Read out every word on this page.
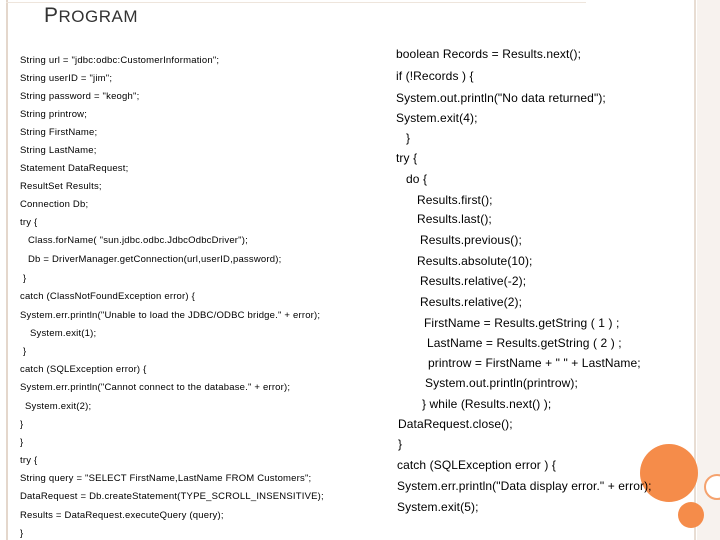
PROGRAM
String url = "jdbc:odbc:CustomerInformation";
String userID = "jim";
String password = "keogh";
String printrow;
String FirstName;
String LastName;
Statement DataRequest;
ResultSet Results;
Connection Db;
try {
Class.forName( "sun.jdbc.odbc.JdbcOdbcDriver");
Db = DriverManager.getConnection(url,userID,password);
}
catch (ClassNotFoundException error) {
System.err.println("Unable to load the JDBC/ODBC bridge." + error);
System.exit(1);
}
catch (SQLException error) {
System.err.println("Cannot connect to the database." + error);
System.exit(2);
}
}
try {
String query = "SELECT FirstName,LastName FROM Customers";
DataRequest = Db.createStatement(TYPE_SCROLL_INSENSITIVE);
Results = DataRequest.executeQuery (query);
}
boolean Records = Results.next();
if (!Records ) {
System.out.println("No data returned");
System.exit(4);
}
try {
do {
Results.first();
Results.last();
Results.previous();
Results.absolute(10);
Results.relative(-2);
Results.relative(2);
FirstName = Results.getString ( 1 ) ;
LastName = Results.getString ( 2 ) ;
printrow = FirstName + " " + LastName;
System.out.println(printrow);
} while (Results.next() );
DataRequest.close();
}
catch (SQLException error ) {
System.err.println("Data display error." + error);
System.exit(5);
